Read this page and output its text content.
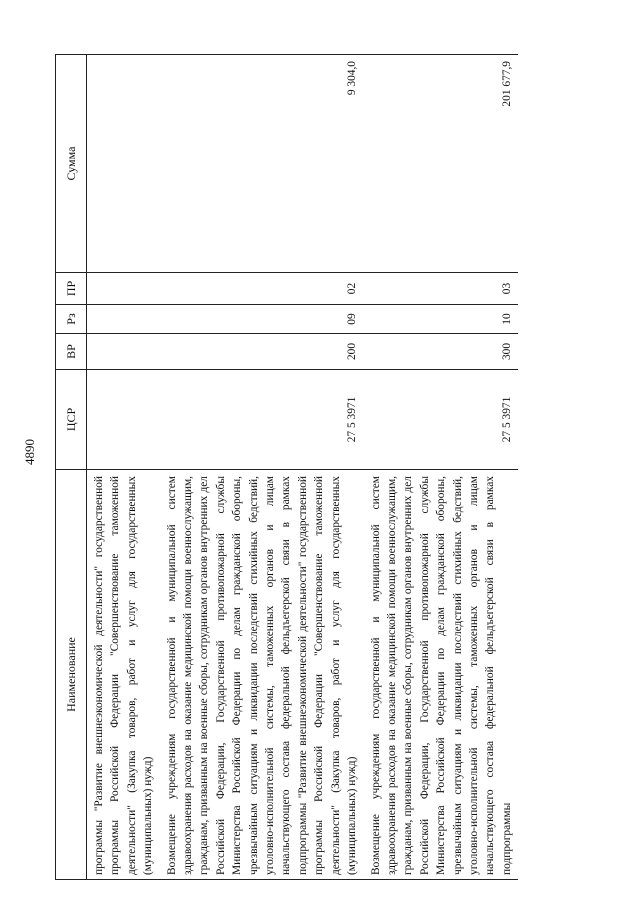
4890
Наименование	ЦСР	ВР	Рз	ПР	Сумма
программы "Развитие внешнеэкономической деятельности" государственной программы Российской Федерации "Совершенствование таможенной деятельности" (Закупка товаров, работ и услуг для государственных (муниципальных) нужд)					
Возмещение учреждениям государственной и муниципальной систем здравоохранения расходов на оказание медицинской помощи военнослужащим, гражданам, призванным на военные сборы, сотрудникам органов внутренних дел Российской Федерации, Государственной противопожарной службы Министерства Российской Федерации по делам гражданской обороны, чрезвычайным ситуациям и ликвидации последствий стихийных бедствий, уголовно-исполнительной системы, таможенных органов и лицам начальствующего состава федеральной фельдъегерской связи в рамках подпрограммы "Развитие внешнеэкономической деятельности" государственной программы Российской Федерации "Совершенствование таможенной деятельности" (Закупка товаров, работ и услуг для государственных (муниципальных) нужд)	27 5 3971	200	09	02	9 304,0
Возмещение учреждениям государственной и муниципальной систем здравоохранения расходов на оказание медицинской помощи военнослужащим, гражданам, призванным на военные сборы, сотрудникам органов внутренних дел Российской Федерации, Государственной противопожарной службы Министерства Российской Федерации по делам гражданской обороны, чрезвычайным ситуациям и ликвидации последствий стихийных бедствий, уголовно-исполнительной системы, таможенных органов и лицам начальствующего состава федеральной фельдъегерской связи в рамках подпрограммы	27 5 3971	300	10	03	201 677,9
